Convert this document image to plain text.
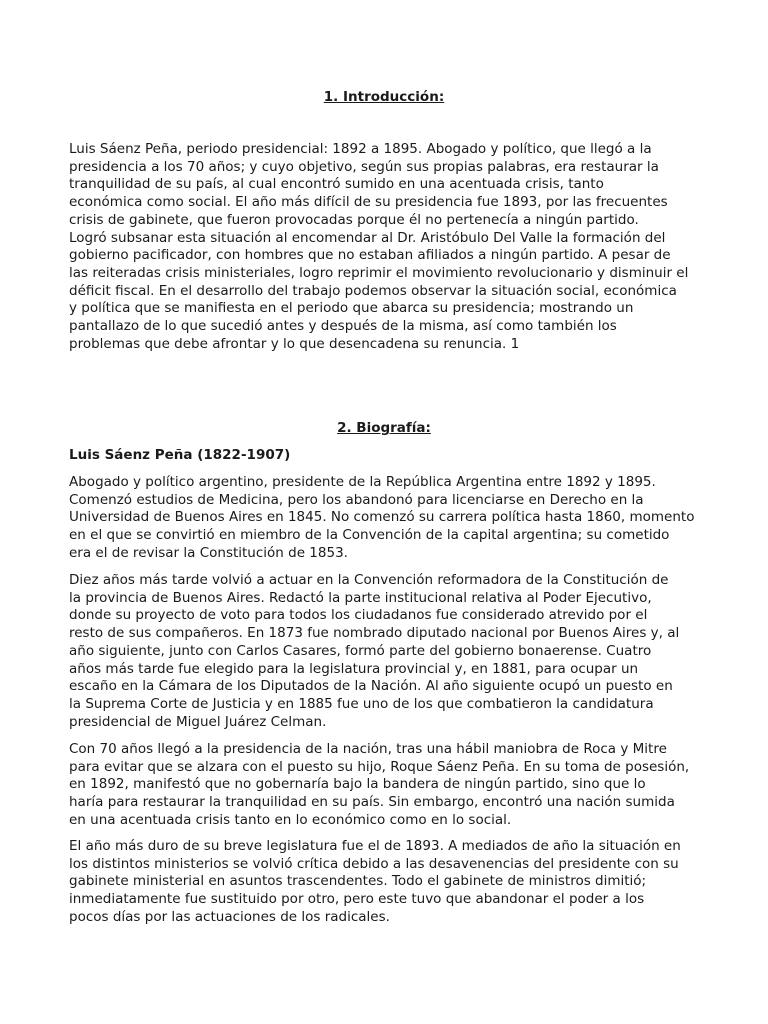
1. Introducción:
Luis Sáenz Peña, periodo presidencial: 1892 a 1895. Abogado y político, que llegó a la
presidencia a los 70 años; y cuyo objetivo, según sus propias palabras, era restaurar la
tranquilidad de su país, al cual encontró sumido en una acentuada crisis, tanto
económica como social. El año más difícil de su presidencia fue 1893, por las frecuentes
crisis de gabinete, que fueron provocadas porque él no pertenecía a ningún partido.
Logró subsanar esta situación al encomendar al Dr. Aristóbulo Del Valle la formación del
gobierno pacificador, con hombres que no estaban afiliados a ningún partido. A pesar de
las reiteradas crisis ministeriales, logro reprimir el movimiento revolucionario y disminuir el
déficit fiscal. En el desarrollo del trabajo podemos observar la situación social, económica
y política que se manifiesta en el periodo que abarca su presidencia; mostrando un
pantallazo de lo que sucedió antes y después de la misma, así como también los
problemas que debe afrontar y lo que desencadena su renuncia. 1
2. Biografía:
Luis Sáenz Peña (1822-1907)
Abogado y político argentino, presidente de la República Argentina entre 1892 y 1895.
Comenzó estudios de Medicina, pero los abandonó para licenciarse en Derecho en la
Universidad de Buenos Aires en 1845. No comenzó su carrera política hasta 1860, momento
en el que se convirtió en miembro de la Convención de la capital argentina; su cometido
era el de revisar la Constitución de 1853.
Diez años más tarde volvió a actuar en la Convención reformadora de la Constitución de
la provincia de Buenos Aires. Redactó la parte institucional relativa al Poder Ejecutivo,
donde su proyecto de voto para todos los ciudadanos fue considerado atrevido por el
resto de sus compañeros. En 1873 fue nombrado diputado nacional por Buenos Aires y, al
año siguiente, junto con Carlos Casares, formó parte del gobierno bonaerense. Cuatro
años más tarde fue elegido para la legislatura provincial y, en 1881, para ocupar un
escaño en la Cámara de los Diputados de la Nación. Al año siguiente ocupó un puesto en
la Suprema Corte de Justicia y en 1885 fue uno de los que combatieron la candidatura
presidencial de Miguel Juárez Celman.
Con 70 años llegó a la presidencia de la nación, tras una hábil maniobra de Roca y Mitre
para evitar que se alzara con el puesto su hijo, Roque Sáenz Peña. En su toma de posesión,
en 1892, manifestó que no gobernaría bajo la bandera de ningún partido, sino que lo
haría para restaurar la tranquilidad en su país. Sin embargo, encontró una nación sumida
en una acentuada crisis tanto en lo económico como en lo social.
El año más duro de su breve legislatura fue el de 1893. A mediados de año la situación en
los distintos ministerios se volvió crítica debido a las desavenencias del presidente con su
gabinete ministerial en asuntos trascendentes. Todo el gabinete de ministros dimitió;
inmediatamente fue sustituido por otro, pero este tuvo que abandonar el poder a los
pocos días por las actuaciones de los radicales.
